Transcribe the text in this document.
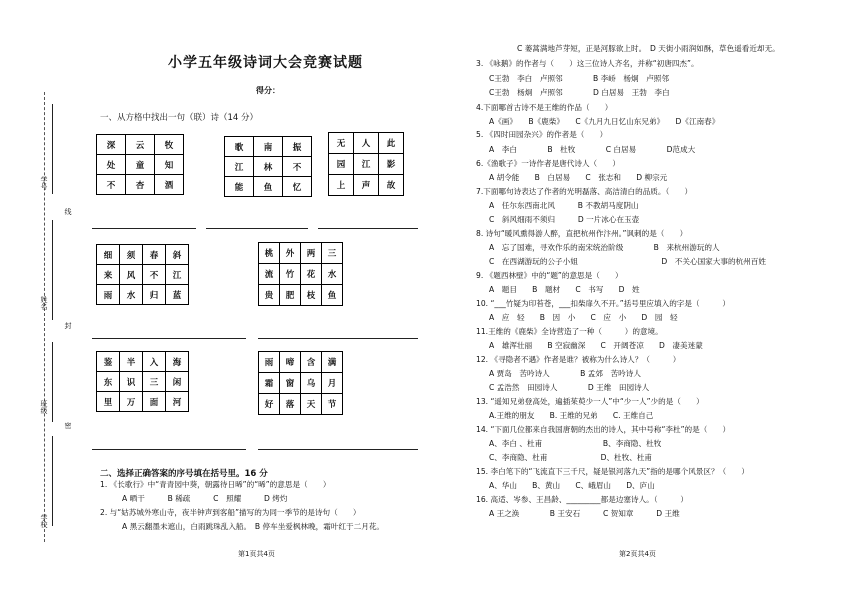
学号
线
姓名
封
班级
密
学校
小学五年级诗词大会竞赛试题
得分：
一、从方格中找出一句（联）诗（14 分）
深	云	牧
处	童	知
不	杏	酒
歌	南	振
江	林	不
能	鱼	忆
无	人	此
园	江	影
上	声	故
细	须	春	斜
来	风	不	江
雨	水	归	蓝
桃	外	两	三
流	竹	花	水
贵	肥	枝	鱼
鉴	半	入	海
东	识	三	闲
里	万	面	河
雨	啼	含	满
霜	窗	乌	月
好	落	天	节
二、选择正确答案的序号填在括号里。16 分
1. 《长歌行》中“青青园中葵，朝露待日晞”的“晞”的意思是（　　）
A 晒干　　　B 稀疏　　　C　照耀　　　D 烤灼
2. 与“姑苏城外寒山寺，夜半钟声到客船”描写的为同一季节的是诗句（　　）
A 黑云翻墨未遮山，白雨跳珠乱入船。　B 停车坐爱枫林晚，霜叶红于二月花。
第1页共4页
C 蒌蒿满地芦芽短，正是河豚欲上时。　D 天街小雨润如酥，草色遥看近却无。
3. 《咏鹅》的作者与（　　）这三位诗人齐名，并称“初唐四杰”。
C王勃　李白　卢照邻　　　　B 李峤　杨炯　卢照邻
C王勃　杨炯　卢照邻　　　　D 白居易　王勃　李白
4.下面哪首古诗不是王维的作品（　　）
A《画》　　B《鹿柴》　　C《九月九日忆山东兄弟》　　D《江南春》
5. 《四时田园杂兴》的作者是（　　）
A　李白　　　　B　杜牧　　　　C 白居易　　　　D范成大
6.《渔歌子》一诗作者是唐代诗人（　　）
A 胡令能　　B　白居易　　C　张志和　　D 柳宗元
7.下面哪句诗表达了作者的光明磊落、高洁清白的品质。（　　）
A　任尔东西南北风　　　B 不教胡马度阴山
C　斜风细雨不须归　　　D 一片冰心在玉壶
8. 诗句“暖风熏得游人醉，直把杭州作汴州。”讽刺的是（　　）
A　忘了国难，寻欢作乐的南宋统治阶级　　　　B　来杭州游玩的人
C　在西湖游玩的公子小姐　　　　　　　　　　　D　不关心国家大事的杭州百姓
9. 《题西林壁》中的“题”的意思是（　　）
A　题目　　B　题材　　C　书写　　D　姓
10. “___竹疑为印苔苍，___扣柴扉久不开。”括号里应填入的字是（　　　）
A　应　轻　　B　因　小　　C　应　小　　D　园　轻
11.王维的《鹿柴》全诗营造了一种（　　　）的意境。
A　雄浑壮丽　　B 空寂幽深　　C　开阔苍凉　　D　凄美迷蒙
12. 《寻隐者不遇》作者是谁？被称为什么诗人？（　　　）
A 贾岛　苦吟诗人　　　　B 孟郊　苦吟诗人
C 孟浩然　田园诗人　　　　D 王维　田园诗人
13. “遥知兄弟登高处，遍插茱萸少一人”中“少一人”少的是（　　）
A.王维的朋友　　B. 王维的兄弟　　C. 王维自己
14. “下面几位都来自我国唐朝的杰出的诗人，其中号称“李杜”的是（　　）
A、李白 、杜甫　　　　　　　　B、李商隐、杜牧
C、李商隐、杜甫　　　　　　　D、杜牧、杜甫
15. 李白笔下的“飞流直下三千尺，疑是银河落九天”指的是哪个风景区？（　　）
A、华山　　B、黄山　　C、峨眉山　　D、庐山
16. 高适、岑参、王昌龄、_________都是边塞诗人。（　　　）
A 王之涣　　　　B 王安石　　　C 贺知章　　　D 王维
第2页共4页
